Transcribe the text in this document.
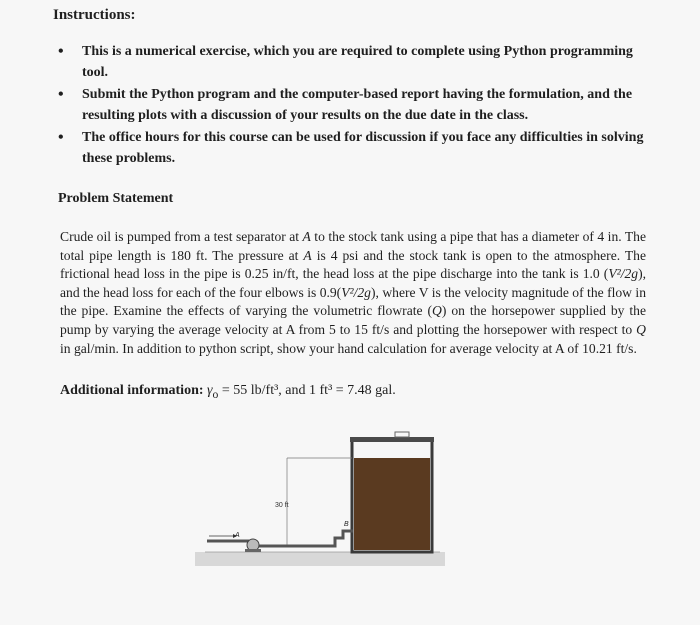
Instructions:
• This is a numerical exercise, which you are required to complete using Python programming tool.
• Submit the Python program and the computer-based report having the formulation, and the resulting plots with a discussion of your results on the due date in the class.
• The office hours for this course can be used for discussion if you face any difficulties in solving these problems.
Problem Statement

Crude oil is pumped from a test separator at A to the stock tank using a pipe that has a diameter of 4 in. The total pipe length is 180 ft. The pressure at A is 4 psi and the stock tank is open to the atmosphere. The frictional head loss in the pipe is 0.25 in/ft, the head loss at the pipe discharge into the tank is 1.0 (V²/2g), and the head loss for each of the four elbows is 0.9(V²/2g), where V is the velocity magnitude of the flow in the pipe. Examine the effects of varying the volumetric flowrate (Q) on the horsepower supplied by the pump by varying the average velocity at A from 5 to 15 ft/s and plotting the horsepower with respect to Q in gal/min. In addition to python script, show your hand calculation for average velocity at A of 10.21 ft/s.

Additional information: $\gamma_o = 55$ lb/ft³, and 1 ft³ = 7.48 gal.
30 ft
A
B
